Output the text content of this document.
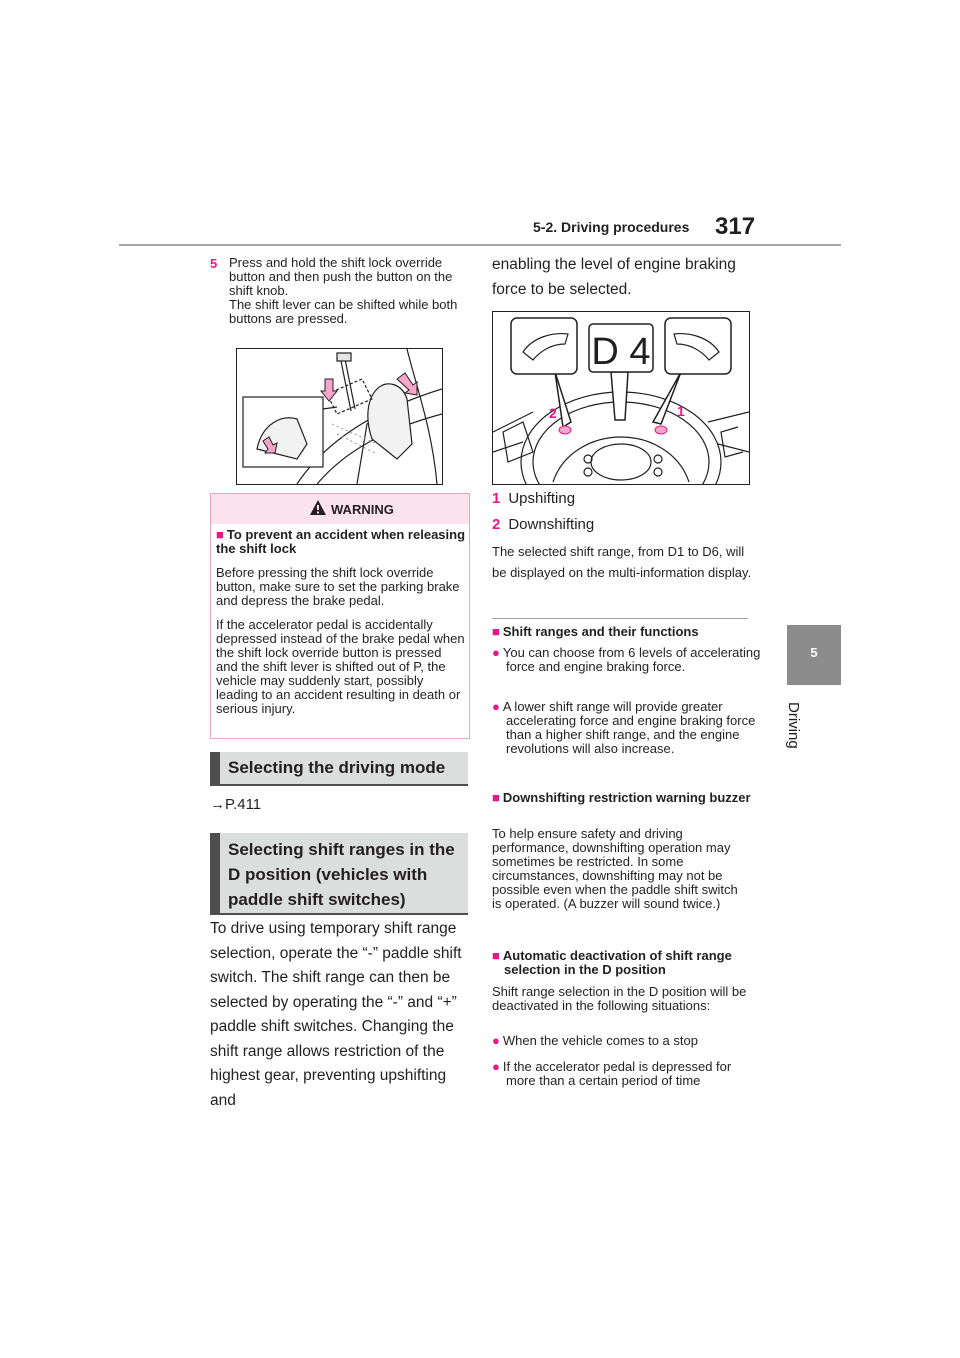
5-2. Driving procedures 317
5
Driving
5 Press and hold the shift lock override button and then push the button on the shift knob.
The shift lever can be shifted while both buttons are pressed.
WARNING
■ To prevent an accident when releasing the shift lock
Before pressing the shift lock override button, make sure to set the parking brake and depress the brake pedal.
If the accelerator pedal is accidentally depressed instead of the brake pedal when the shift lock override button is pressed and the shift lever is shifted out of P, the vehicle may suddenly start, possibly leading to an accident resulting in death or serious injury.
Selecting the driving mode
→P.411
Selecting shift ranges in the D position (vehicles with paddle shift switches)
To drive using temporary shift range selection, operate the “-” paddle shift switch. The shift range can then be selected by operating the “-” and “+” paddle shift switches. Changing the shift range allows restriction of the highest gear, preventing upshifting and
enabling the level of engine braking force to be selected.
D 4
2	1
1 Upshifting
2 Downshifting
The selected shift range, from D1 to D6, will be displayed on the multi-information display.
■ Shift ranges and their functions
● You can choose from 6 levels of accelerating force and engine braking force.
● A lower shift range will provide greater accelerating force and engine braking force than a higher shift range, and the engine revolutions will also increase.
■ Downshifting restriction warning buzzer
To help ensure safety and driving performance, downshifting operation may sometimes be restricted. In some circumstances, downshifting may not be possible even when the paddle shift switch is operated. (A buzzer will sound twice.)
■ Automatic deactivation of shift range selection in the D position
Shift range selection in the D position will be deactivated in the following situations:
● When the vehicle comes to a stop
● If the accelerator pedal is depressed for more than a certain period of time
